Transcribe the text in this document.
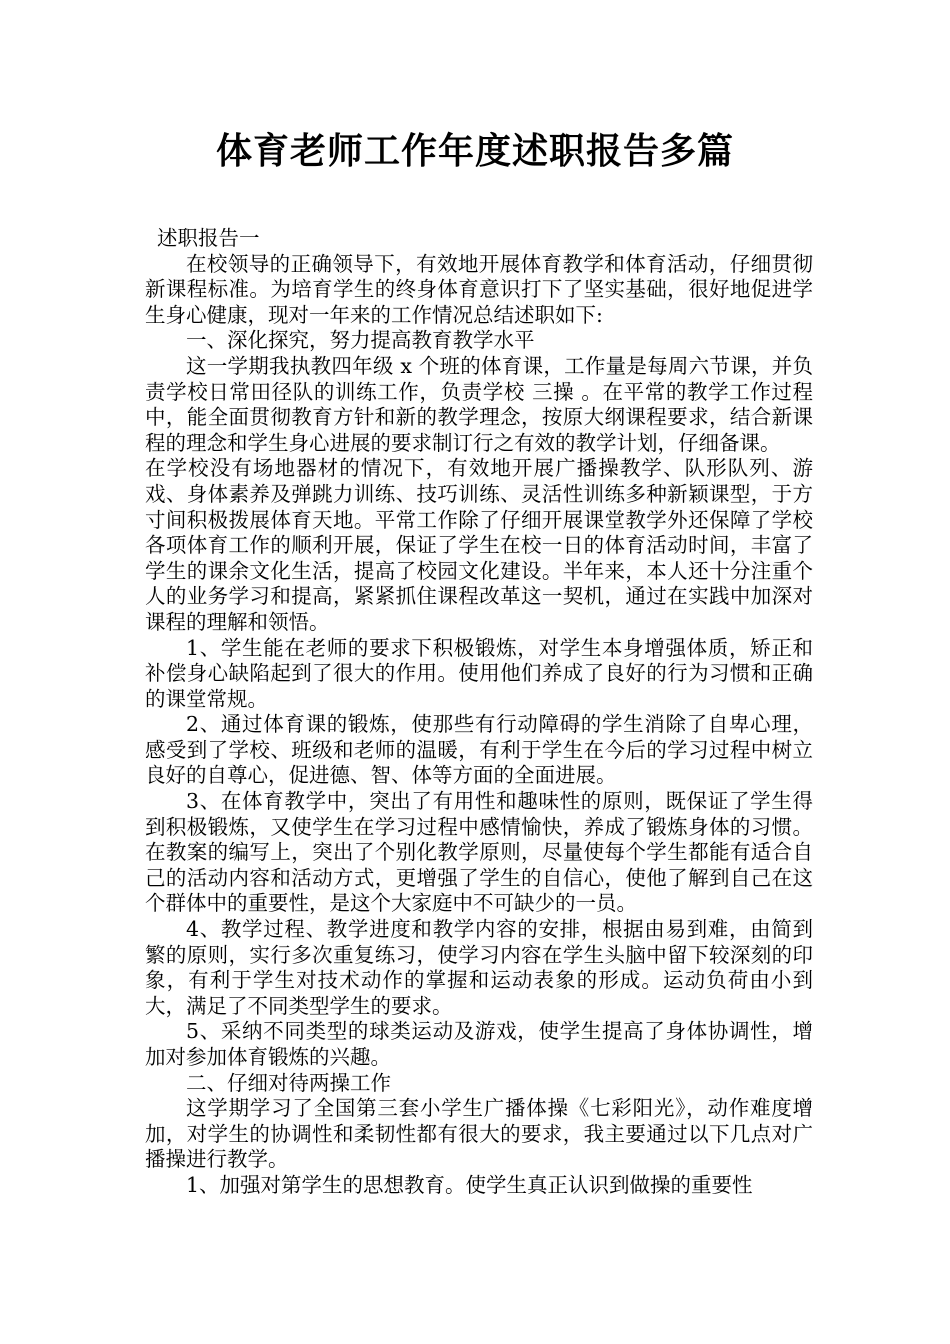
体育老师工作年度述职报告多篇

述职报告一

在校领导的正确领导下，有效地开展体育教学和体育活动，仔细贯彻新课程标准。为培育学生的终身体育意识打下了坚实基础，很好地促进学生身心健康，现对一年来的工作情况总结述职如下:

一、深化探究，努力提高教育教学水平

这一学期我执教四年级 x 个班的体育课，工作量是每周六节课，并负责学校日常田径队的训练工作，负责学校 三操 。在平常的教学工作过程中，能全面贯彻教育方针和新的教学理念，按原大纲课程要求，结合新课程的理念和学生身心进展的要求制订行之有效的教学计划，仔细备课。

在学校没有场地器材的情况下，有效地开展广播操教学、队形队列、游戏、身体素养及弹跳力训练、技巧训练、灵活性训练多种新颖课型，于方寸间积极拨展体育天地。平常工作除了仔细开展课堂教学外还保障了学校各项体育工作的顺利开展，保证了学生在校一日的体育活动时间，丰富了学生的课余文化生活，提高了校园文化建设。半年来，本人还十分注重个人的业务学习和提高，紧紧抓住课程改革这一契机，通过在实践中加深对课程的理解和领悟。

1、学生能在老师的要求下积极锻炼，对学生本身增强体质，矫正和补偿身心缺陷起到了很大的作用。使用他们养成了良好的行为习惯和正确的课堂常规。

2、通过体育课的锻炼，使那些有行动障碍的学生消除了自卑心理，感受到了学校、班级和老师的温暖，有利于学生在今后的学习过程中树立良好的自尊心，促进德、智、体等方面的全面进展。

3、在体育教学中，突出了有用性和趣味性的原则，既保证了学生得到积极锻炼，又使学生在学习过程中感情愉快，养成了锻炼身体的习惯。在教案的编写上，突出了个别化教学原则，尽量使每个学生都能有适合自己的活动内容和活动方式，更增强了学生的自信心，使他了解到自己在这个群体中的重要性，是这个大家庭中不可缺少的一员。

4、教学过程、教学进度和教学内容的安排，根据由易到难，由简到繁的原则，实行多次重复练习，使学习内容在学生头脑中留下较深刻的印象，有利于学生对技术动作的掌握和运动表象的形成。运动负荷由小到大，满足了不同类型学生的要求。

5、采纳不同类型的球类运动及游戏，使学生提高了身体协调性，增加对参加体育锻炼的兴趣。

二、仔细对待两操工作

这学期学习了全国第三套小学生广播体操《七彩阳光》，动作难度增加，对学生的协调性和柔韧性都有很大的要求，我主要通过以下几点对广播操进行教学。

1、加强对第学生的思想教育。使学生真正认识到做操的重要性
